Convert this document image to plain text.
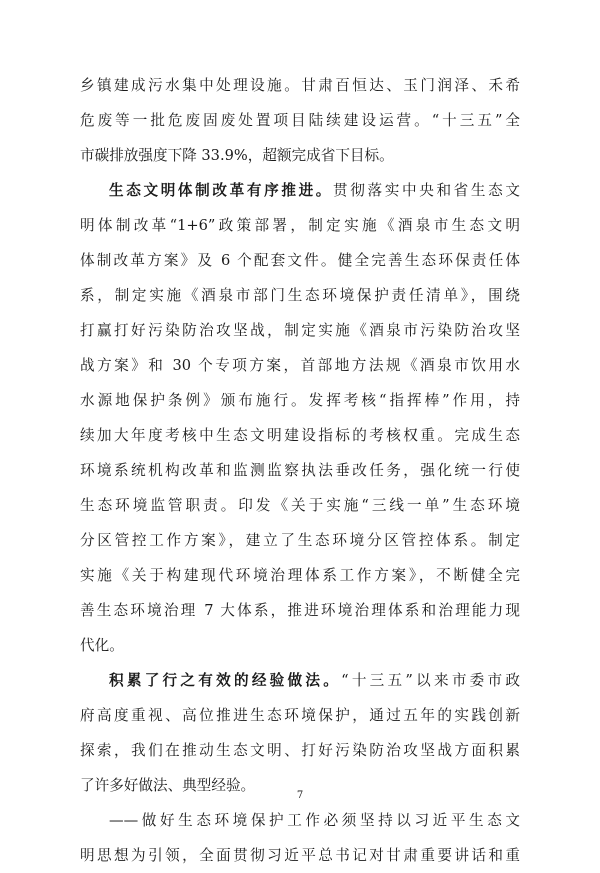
乡镇建成污水集中处理设施。甘肃百恒达、玉门润泽、禾希
危废等一批危废固废处置项目陆续建设运营。“十三五”全
市碳排放强度下降 33.9%，超额完成省下目标。
生态文明体制改革有序推进。贯彻落实中央和省生态文
明体制改革“1+6”政策部署，制定实施《酒泉市生态文明
体制改革方案》及 6 个配套文件。健全完善生态环保责任体
系，制定实施《酒泉市部门生态环境保护责任清单》，围绕
打赢打好污染防治攻坚战，制定实施《酒泉市污染防治攻坚
战方案》和 30 个专项方案，首部地方法规《酒泉市饮用水
水源地保护条例》颁布施行。发挥考核“指挥棒”作用，持
续加大年度考核中生态文明建设指标的考核权重。完成生态
环境系统机构改革和监测监察执法垂改任务，强化统一行使
生态环境监管职责。印发《关于实施“三线一单”生态环境
分区管控工作方案》，建立了生态环境分区管控体系。制定
实施《关于构建现代环境治理体系工作方案》，不断健全完
善生态环境治理 7 大体系，推进环境治理体系和治理能力现
代化。
积累了行之有效的经验做法。“十三五”以来市委市政
府高度重视、高位推进生态环境保护，通过五年的实践创新
探索，我们在推动生态文明、打好污染防治攻坚战方面积累
了许多好做法、典型经验。
——做好生态环境保护工作必须坚持以习近平生态文
明思想为引领，全面贯彻习近平总书记对甘肃重要讲话和重
7
